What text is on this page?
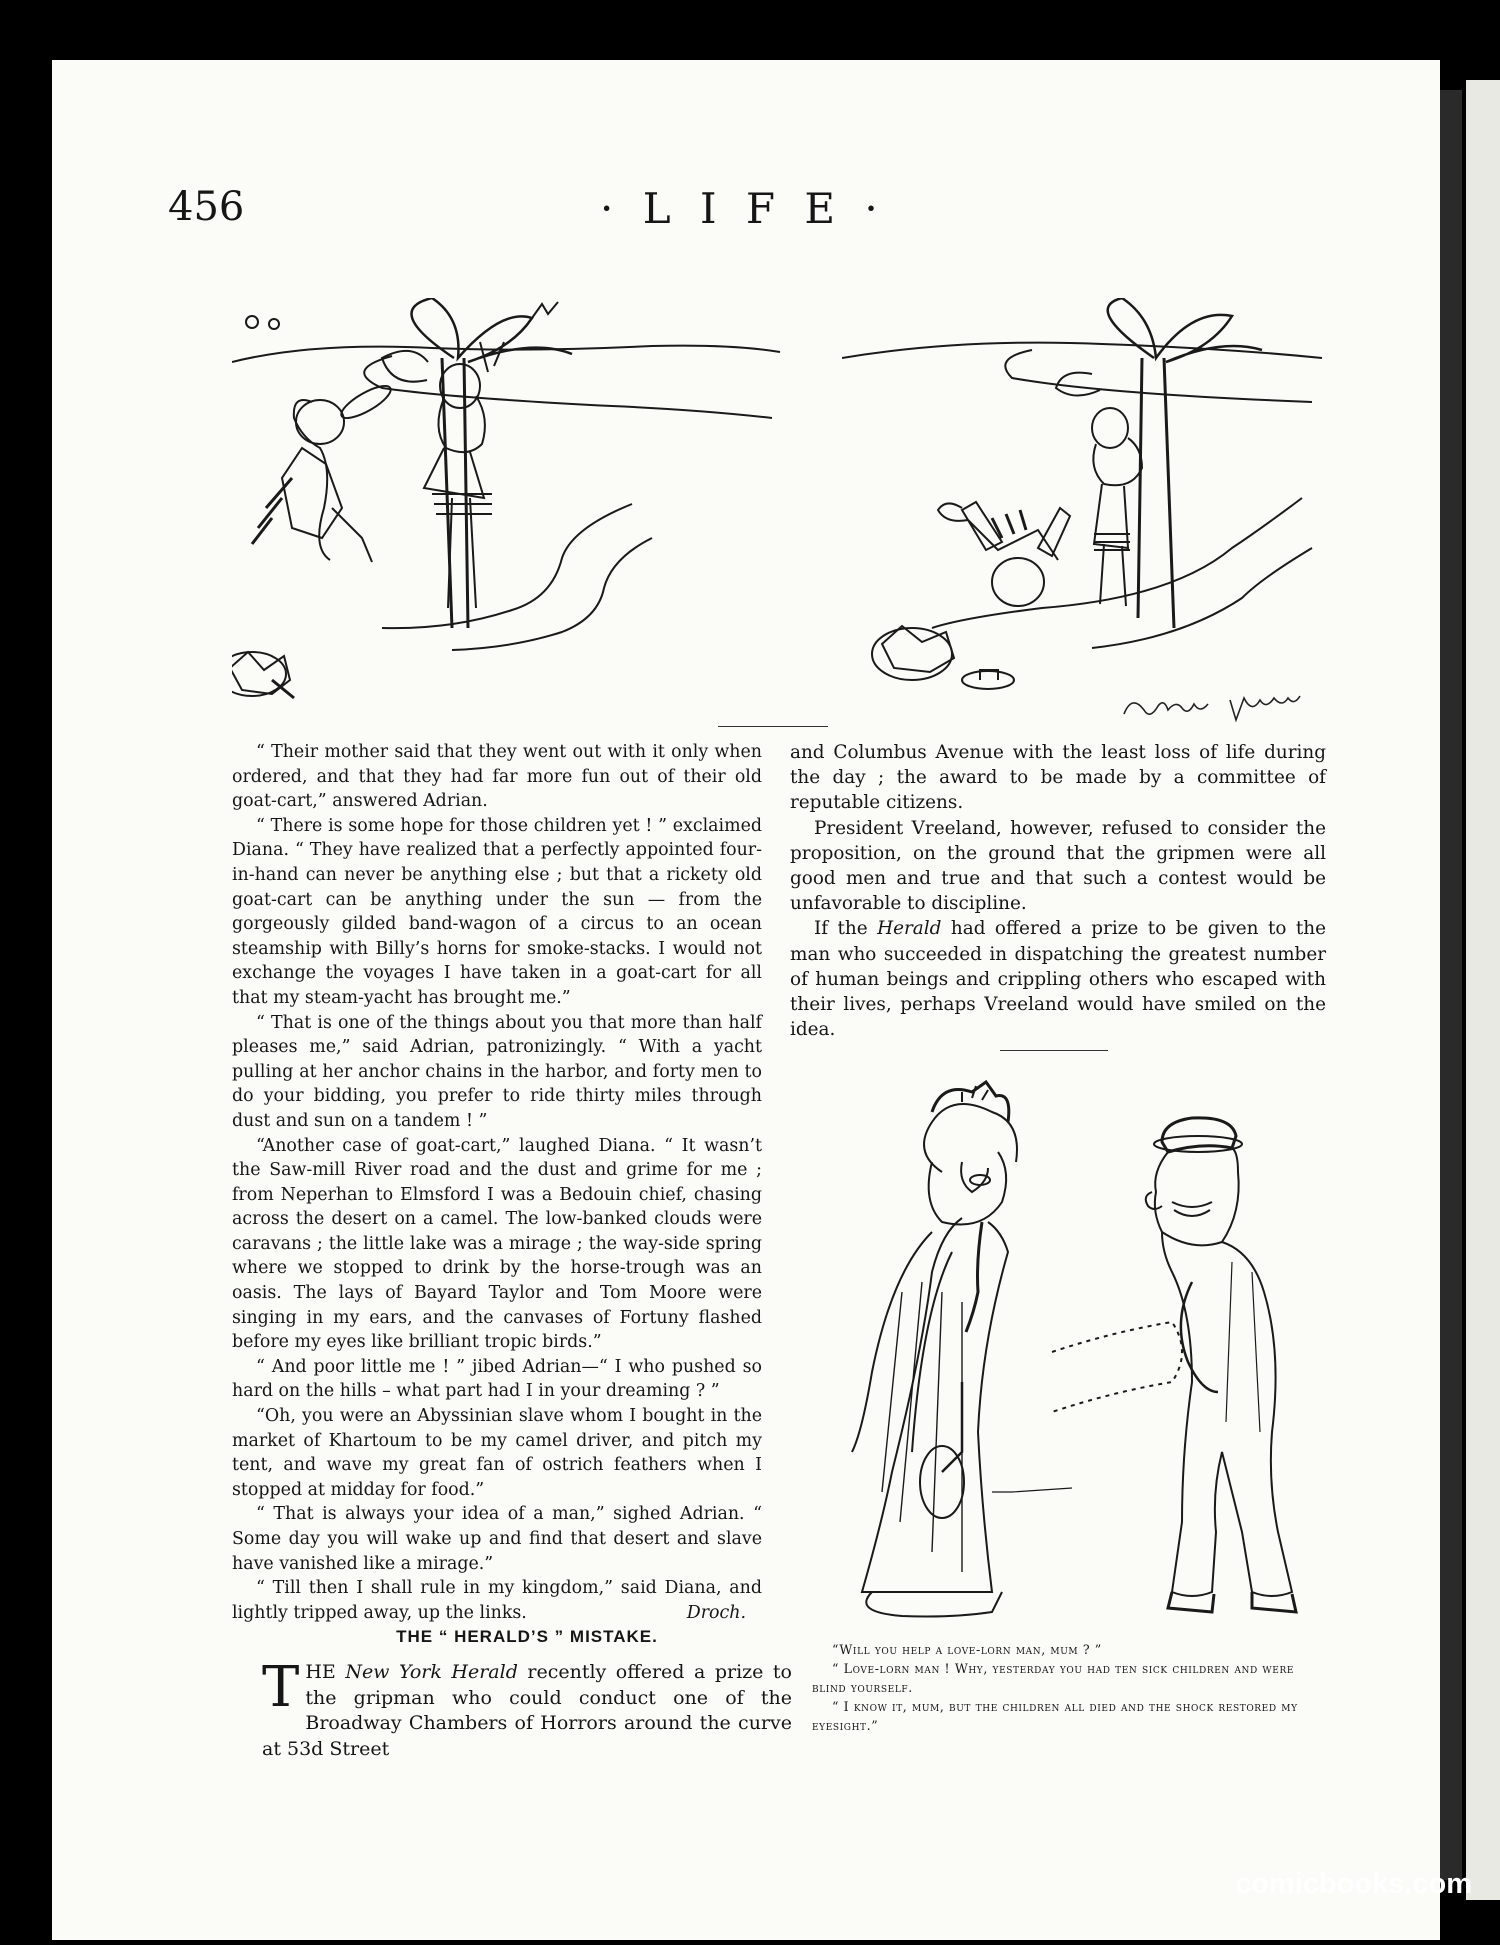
456	· L I F E ·

“ Their mother said that they went out with it only when ordered, and that they had far more fun out of their old goat-cart,” answered Adrian.

“ There is some hope for those children yet ! ” exclaimed Diana. “ They have realized that a perfectly appointed four-in-hand can never be anything else ; but that a rickety old goat-cart can be anything under the sun — from the gorgeously gilded band-wagon of a circus to an ocean steamship with Billy’s horns for smoke-stacks. I would not exchange the voyages I have taken in a goat-cart for all that my steam-yacht has brought me.”

“ That is one of the things about you that more than half pleases me,” said Adrian, patronizingly. “ With a yacht pulling at her anchor chains in the harbor, and forty men to do your bidding, you prefer to ride thirty miles through dust and sun on a tandem ! ”

“Another case of goat-cart,” laughed Diana. “ It wasn’t the Saw-mill River road and the dust and grime for me ; from Neperhan to Elmsford I was a Bedouin chief, chasing across the desert on a camel. The low-banked clouds were caravans ; the little lake was a mirage ; the way-side spring where we stopped to drink by the horse-trough was an oasis. The lays of Bayard Taylor and Tom Moore were singing in my ears, and the canvases of Fortuny flashed before my eyes like brilliant tropic birds.”

“ And poor little me ! ” jibed Adrian—“ I who pushed so hard on the hills – what part had I in your dreaming ? ”

“Oh, you were an Abyssinian slave whom I bought in the market of Khartoum to be my camel driver, and pitch my tent, and wave my great fan of ostrich feathers when I stopped at midday for food.”

“ That is always your idea of a man,” sighed Adrian. “ Some day you will wake up and find that desert and slave have vanished like a mirage.”

“ Till then I shall rule in my kingdom,” said Diana, and lightly tripped away, up the links.	Droch.

THE “ HERALD’S ” MISTAKE.

THE New York Herald recently offered a prize to the gripman who could conduct one of the Broadway Chambers of Horrors around the curve at 53d Street

and Columbus Avenue with the least loss of life during the day ; the award to be made by a committee of reputable citizens.

President Vreeland, however, refused to consider the proposition, on the ground that the gripmen were all good men and true and that such a contest would be unfavorable to discipline.

If the Herald had offered a prize to be given to the man who succeeded in dispatching the greatest number of human beings and crippling others who escaped with their lives, perhaps Vreeland would have smiled on the idea.

“Will you help a love-lorn man, mum ? ”

“ Love-lorn man ! Why, yesterday you had ten sick children and were blind yourself.

“ I know it, mum, but the children all died and the shock restored my eyesight.”

comicbooks.com
